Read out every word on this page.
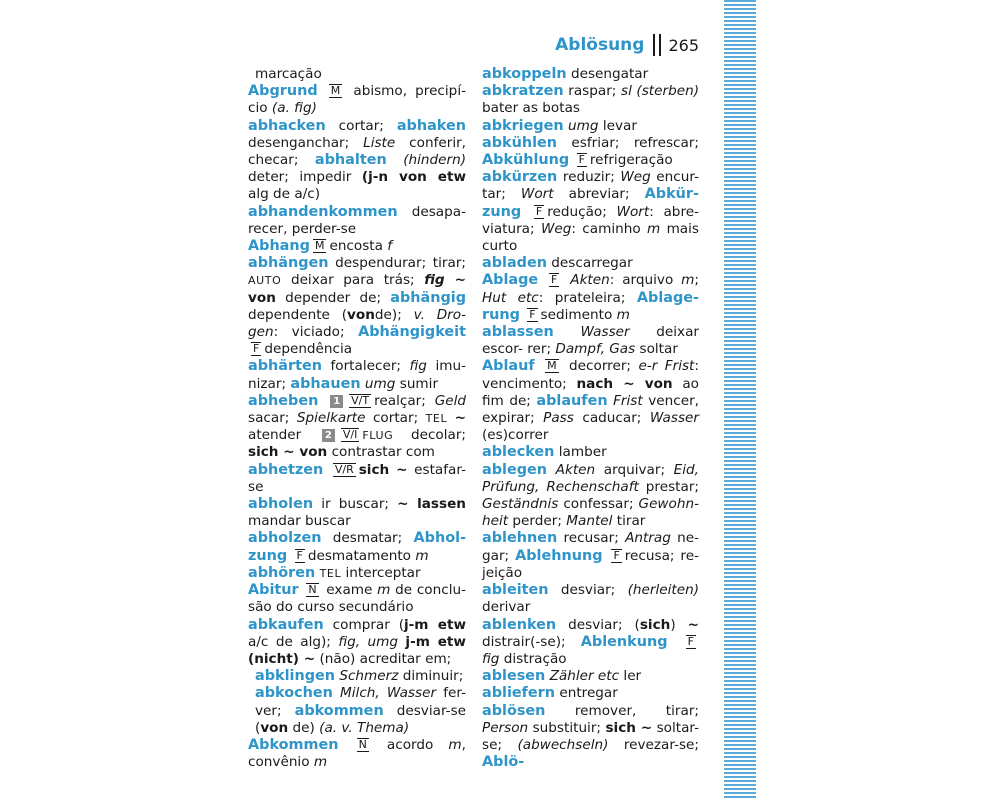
Ablösung 265
marcação
Abgrund M abismo, precipí- cio (a. fig)
abhacken cortar; abhaken desenganchar; Liste conferir, checar; abhalten (hindern) deter; impedir (j-n von etw alg de a/c)
abhandenkommen desapa- recer, perder-se
Abhang M encosta f
abhängen despendurar; tirar; AUTO deixar para trás; fig ~ von depender de; abhängig dependente (vonde); v. Dro-gen: viciado; Abhängigkeit F dependência
abhärten fortalecer; fig imu- nizar; abhauen umg sumir
abheben 1 V/T realçar; Geld sacar; Spielkarte cortar; TEL ~ atender 2 V/I FLUG decolar; sich ~ von contrastar com
abhetzen V/R sich ~ estafar-se
abholen ir buscar; ~ lassen mandar buscar
abholzen desmatar; Abhol- zung F desmatamento m
abhören TEL interceptar
Abitur N exame m de conclu- são do curso secundário
abkaufen comprar (j-m etw a/c de alg); fig, umg j-m etw (nicht) ~ (não) acreditar em;
abklingen Schmerz diminuir;
abkochen Milch, Wasser fer- ver; abkommen desviar-se (von de) (a. v. Thema)
Abkommen N acordo m, convênio m
abkoppeln desengatar
abkratzen raspar; sl (sterben) bater as botas
abkriegen umg levar
abkühlen esfriar; refrescar; Abkühlung F refrigeração
abkürzen reduzir; Weg encur- tar; Wort abreviar; Abkür- zung F redução; Wort: abre- viatura; Weg: caminho m mais curto
abladen descarregar
Ablage F Akten: arquivo m; Hut etc: prateleira; Ablage- rung F sedimento m
ablassen Wasser deixar escor- rer; Dampf, Gas soltar
Ablauf M decorrer; e-r Frist: vencimento; nach ~ von ao fim de; ablaufen Frist vencer, expirar; Pass caducar; Wasser (es)correr
ablecken lamber
ablegen Akten arquivar; Eid, Prüfung, Rechenschaft prestar; Geständnis confessar; Gewohn- heit perder; Mantel tirar
ablehnen recusar; Antrag ne- gar; Ablehnung F recusa; re- jeição
ableiten desviar; (herleiten) derivar
ablenken desviar; (sich) ~ distrair(-se); Ablenkung F fig distração
ablesen Zähler etc ler
abliefern entregar
ablösen remover, tirar; Person substituir; sich ~ soltar-se; (abwechseln) revezar-se; Ablö-
